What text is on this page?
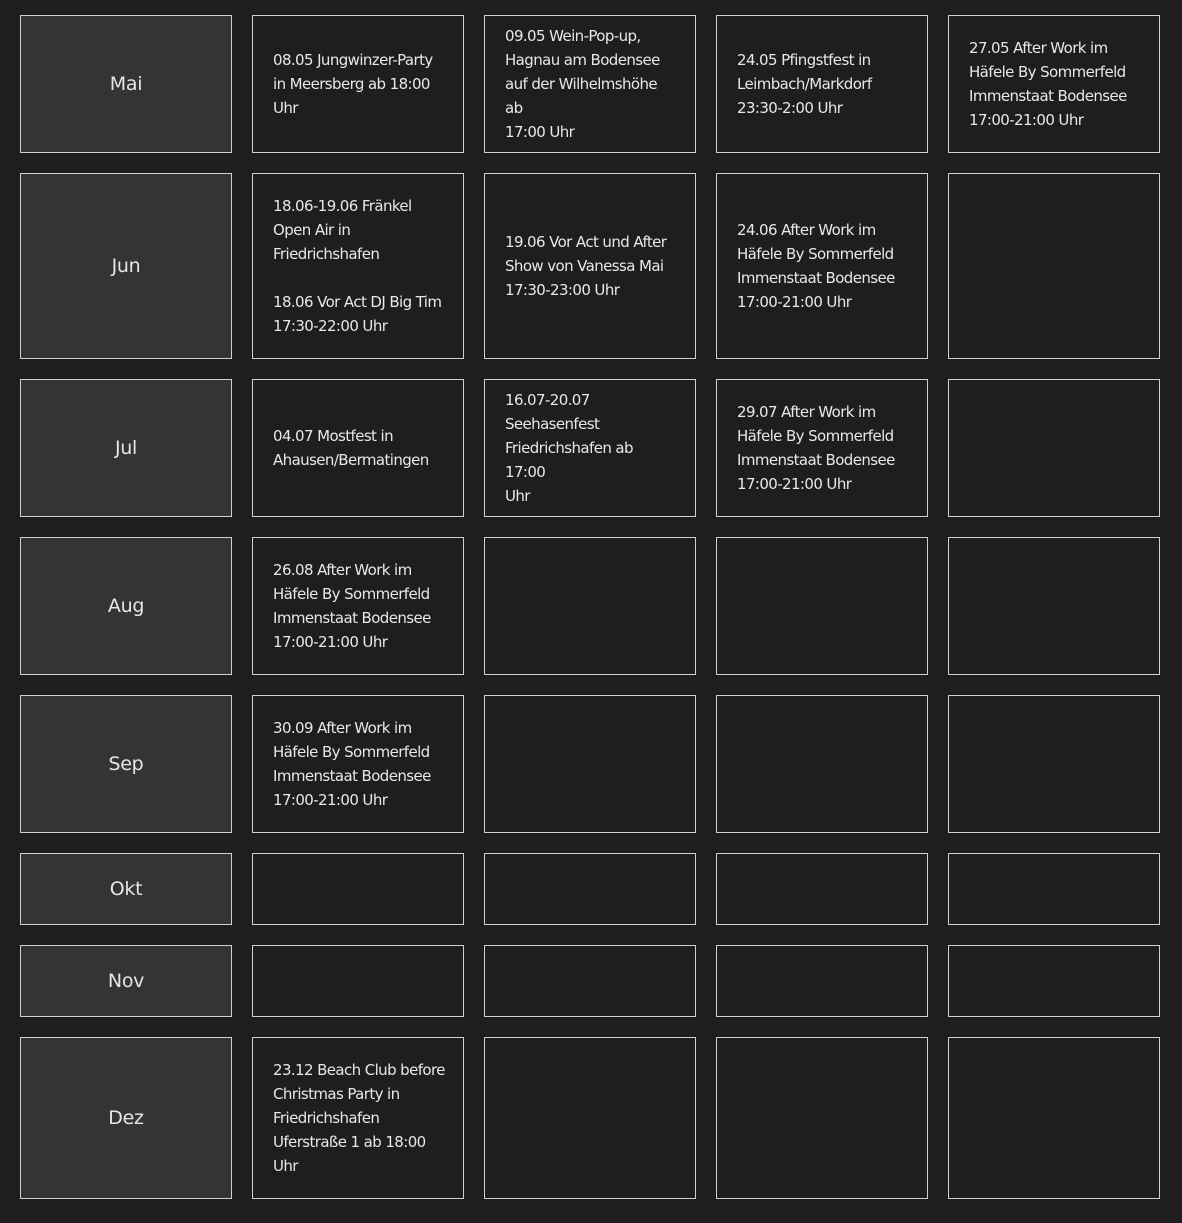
Mai
08.05 Jungwinzer-Party
in Meersberg ab 18:00
Uhr
09.05 Wein-Pop-up,
Hagnau am Bodensee
auf der Wilhelmshöhe ab
17:00 Uhr
24.05 Pfingstfest in
Leimbach/Markdorf
23:30-2:00 Uhr
27.05 After Work im
Häfele By Sommerfeld
Immenstaat Bodensee
17:00-21:00 Uhr
Jun
18.06-19.06 Fränkel
Open Air in
Friedrichshafen

18.06 Vor Act DJ Big Tim
17:30-22:00 Uhr
19.06 Vor Act und After
Show von Vanessa Mai
17:30-23:00 Uhr
24.06 After Work im
Häfele By Sommerfeld
Immenstaat Bodensee
17:00-21:00 Uhr
Jul
04.07 Mostfest in
Ahausen/Bermatingen
16.07-20.07
Seehasenfest
Friedrichshafen ab 17:00
Uhr
29.07 After Work im
Häfele By Sommerfeld
Immenstaat Bodensee
17:00-21:00 Uhr
Aug
26.08 After Work im
Häfele By Sommerfeld
Immenstaat Bodensee
17:00-21:00 Uhr
Sep
30.09 After Work im
Häfele By Sommerfeld
Immenstaat Bodensee
17:00-21:00 Uhr
Okt
Nov
Dez
23.12 Beach Club before
Christmas Party in
Friedrichshafen
Uferstraße 1 ab 18:00
Uhr
